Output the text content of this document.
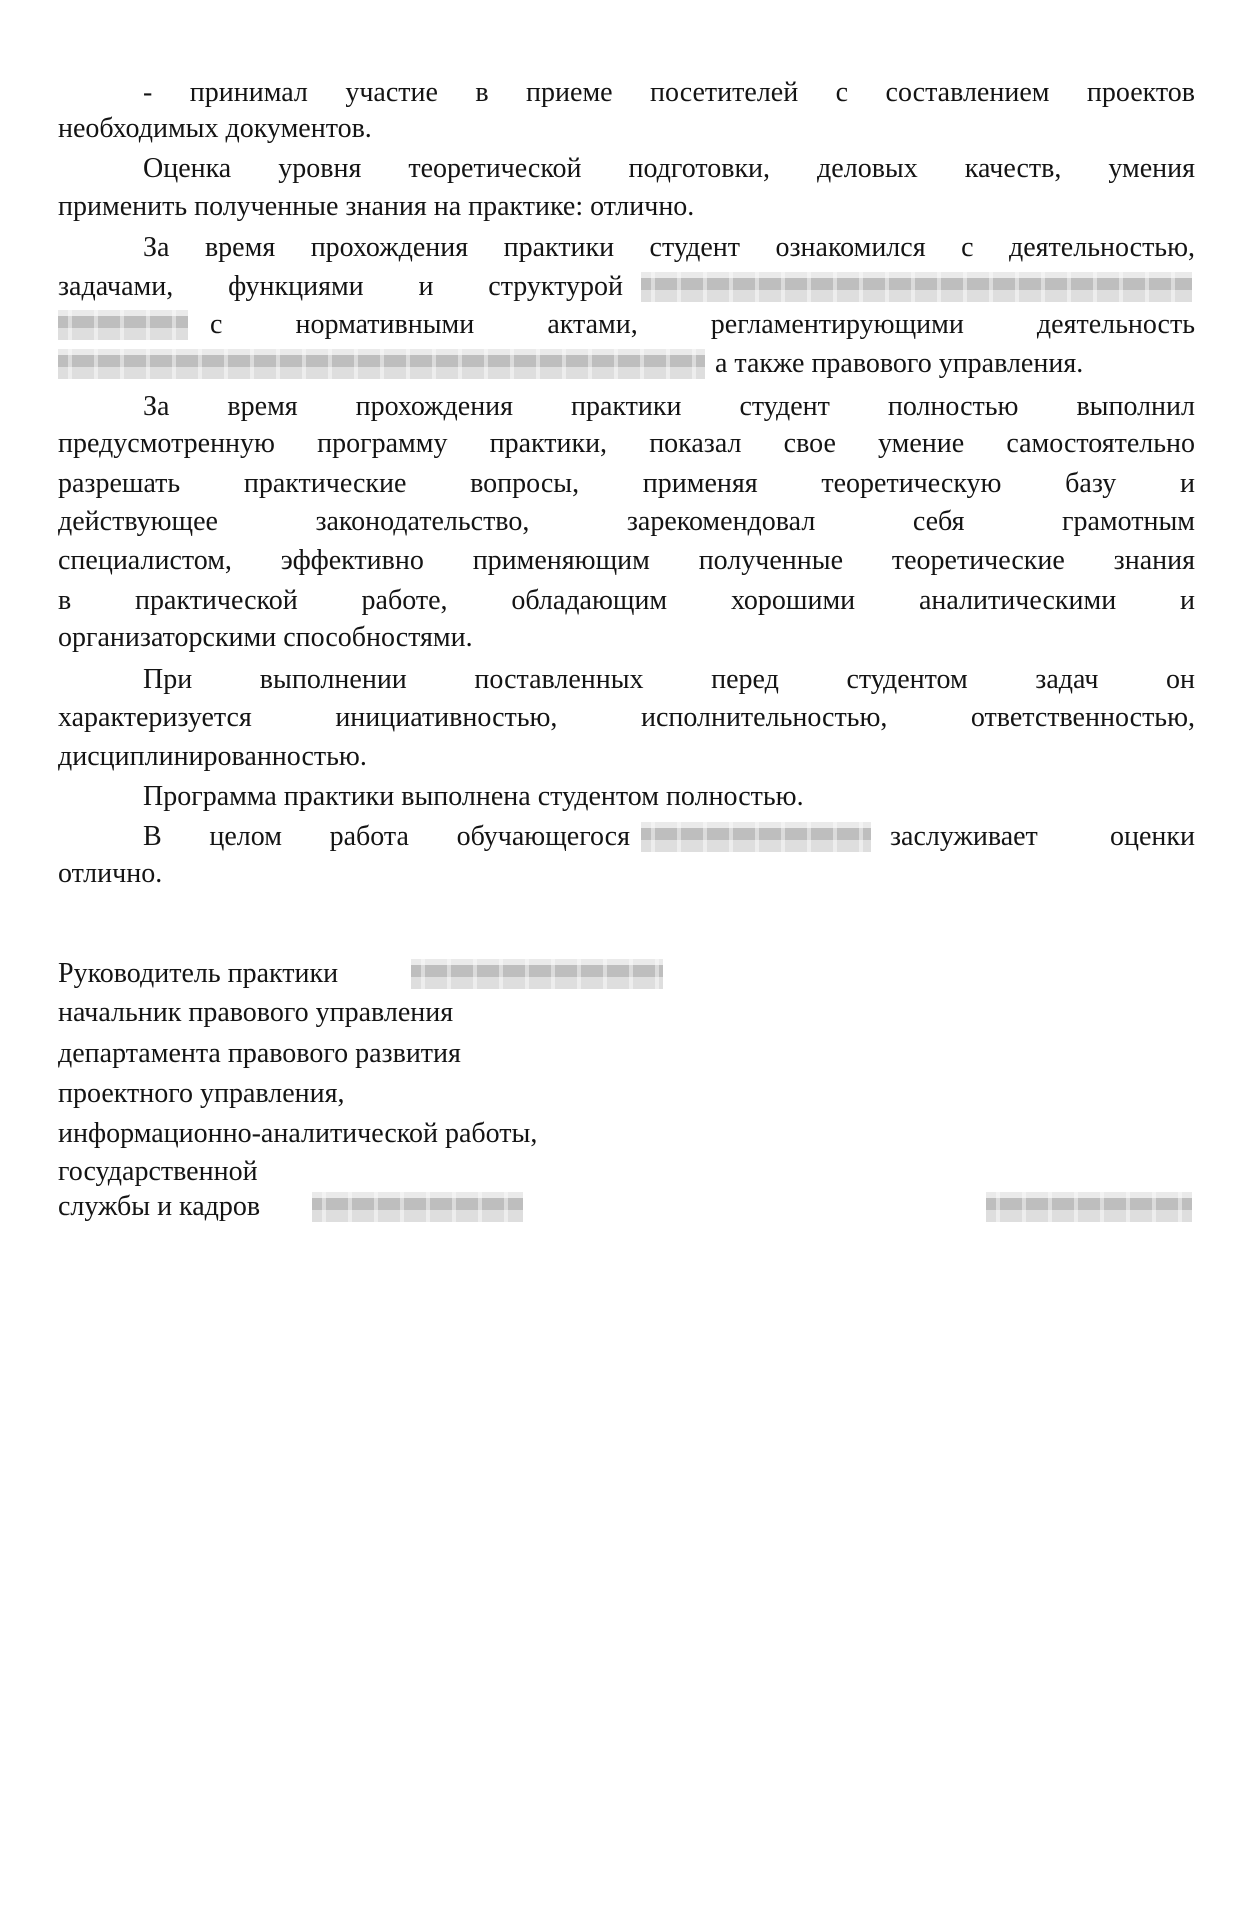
- принимал участие в приеме посетителей с составлением проектов
необходимых документов.
Оценка уровня теоретической подготовки, деловых качеств, умения
применить полученные знания на практике: отлично.
За время прохождения практики студент ознакомился с деятельностью,
задачами, функциями и структурой
с нормативными актами, регламентирующими деятельность
а также правового управления.
За время прохождения практики студент полностью выполнил
предусмотренную программу практики, показал свое умение самостоятельно
разрешать практические вопросы, применяя теоретическую базу и
действующее законодательство, зарекомендовал себя грамотным
специалистом, эффективно применяющим полученные теоретические знания
в практической работе, обладающим хорошими аналитическими и
организаторскими способностями.
При выполнении поставленных перед студентом задач он
характеризуется инициативностью, исполнительностью, ответственностью,
дисциплинированностью.
Программа практики выполнена студентом полностью.
В целом работа обучающегося	заслуживает оценки
отлично.
Руководитель практики
начальник правового управления
департамента правового развития
проектного управления,
информационно-аналитической работы,
государственной
службы и кадров
